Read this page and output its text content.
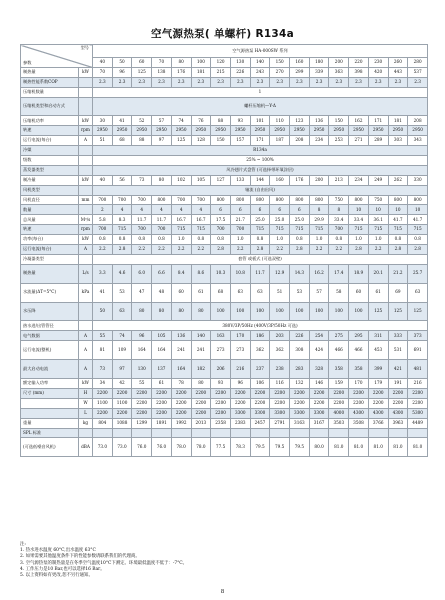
空气源热泵( 单螺杆) R134a
型号
参数		空气源热泵 HA-000SW 系列																
		40	50	60	70	80	100	120	130	140	150	160	180	200	220	230	260	280
制热量	kW	70	96	125	138	176	181	215	226	243	270	299	339	363	398	420	443	537
制热性能系数COP		2.3	2.3	2.3	2.3	2.3	2.3	2.3	2.3	2.3	2.3	2.3	2.3	2.3	2.3	2.3	2.3	2.3
压缩机数量		1																
压缩机类型和启动方式		螺杆压缩机—Y-Δ																
压缩机功率	kW	30	41	52	57	74	76	88	93	101	110	123	136	150	162	171	181	208
转速	rpm	2950	2950	2950	2950	2950	2950	2950	2950	2950	2950	2950	2950	2950	2950	2950	2950	2950
运行电流(每台)	A	51	68	88	97	125	128	150	157	171	187	208	234	253	271	289	303	343
冷媒		R134a																
级数		25% ~ 100%																
蒸发器类型		风冷翅片式盘管 (可选择带环氧涂层)																
制冷量	kW	40	56	73	80	102	105	127	133	144	160	176	200	213	234	249	262	330
风机类型		轴流 (自由出风)																
风机直径	mm	700	700	700	800	700	700	800	800	800	800	800	800	750	800	750	800	800
数量		2	4	4	4	4	4	6	6	6	6	6	8	8	10	10	10	10
总风量	M³/s	5.8	8.3	11.7	11.7	16.7	16.7	17.5	21.7	25.0	25.0	25.0	29.9	33.4	33.4	36.1	41.7	41.7
转速	rpm	700	715	700	700	715	715	700	700	715	715	715	715	700	715	715	715	715
功率(每台)	kW	0.8	0.8	0.8	0.8	1.0	0.8	0.8	1.0	0.8	1.0	0.8	1.0	0.8	1.0	1.0	0.8	0.8
运行电流(每台)	A	2.2	2.8	2.2	2.2	2.2	2.2	2.8	2.2	2.8	2.2	2.8	2.2	2.2	2.8	2.2	2.8	2.8
冷凝器类型		套管 或板式 (可选双壁)																
制热量	L/s	3.3	4.6	6.0	6.6	8.4	8.6	10.3	10.8	11.7	12.9	14.3	16.2	17.4	18.9	20.1	21.2	25.7
水流量(ΔT=5°C)	kPa	41	53	47	48	60	61	68	63	63	51	53	57	58	60	61	69	63
水压降		50	63	80	80	80	80	100	100	100	100	100	100	100	100	125	125	125
热水进/出管管径		380V/3P/50Hz (400V/3P/50Hz 可选)																
电气数据	A	55	74	96	105	136	140	163	170	186	203	226	254	275	295	311	333	373
运行电流(整机)	A	81	109	164	164	241	241	273	273	362	362	308	424	466	466	453	531	691
最大启动电流	A	73	97	130	137	164	182	206	216	237	238	283	328	358	358	399	421	481
额定输入功率	kW	34	42	55	61	78	80	93	96	106	116	132	146	159	170	179	191	216
尺寸 (mm)	H	2200	2200	2200	2200	2200	2200	2200	2200	2200	2200	2200	2200	2200	2200	2200	2200	2200
	W	1100	1100	2200	2200	2200	2200	2200	2200	2200	2200	2200	2200	2200	2200	2200	2200	2200
	L	2200	2200	2200	2200	2200	2200	2200	3300	3300	3300	3300	3300	4000	4300	4300	4300	5300
重量	kg	804	1088	1299	1891	1992	2013	2358	2383	2457	2791	3163	3167	3503	3508	3766	3963	4489
SPL 标准																		
(可选低噪音风机)	dBA	73.0	73.0	76.0	76.0	78.0	78.0	77.5	78.3	79.5	79.5	79.5	80.0	81.0	81.0	81.0	81.0	81.0
注:
1. 热水进水温度 60°C,出水温度 63°C
2. 如果需要其他温度条件下的性能参数请联系我们的代理商。
3. 空气源热泵的制热量是在冬季空气温度10°C下测定。环境最低温度不低于：-7°C。
4. 工作压力是10 Bar,也可以选择16 Bar。
5. 以上资料如有更改,恕不另行通知。
8
